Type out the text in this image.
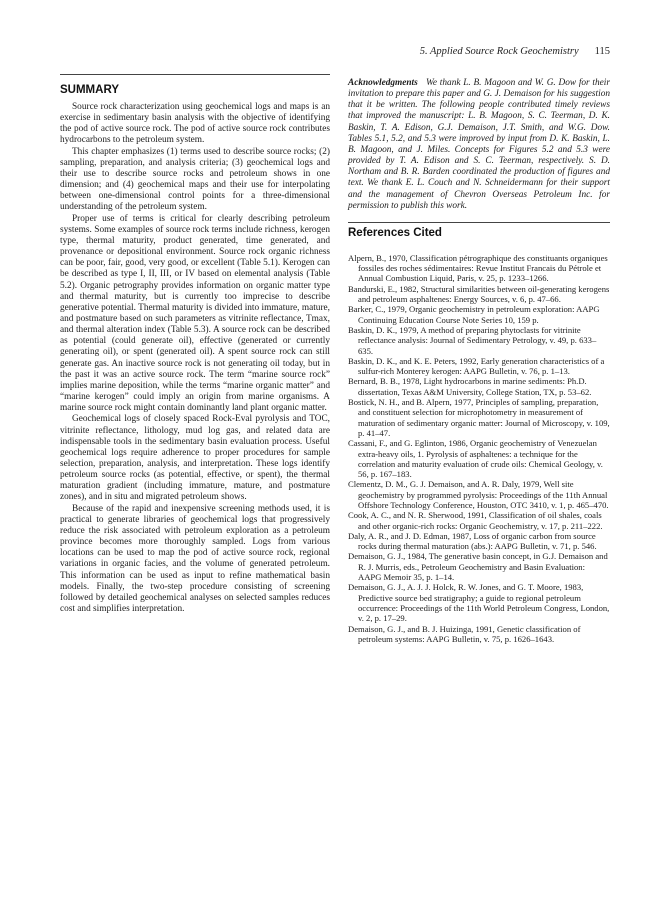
5. Applied Source Rock Geochemistry 115
SUMMARY

Source rock characterization using geochemical logs and maps is an exercise in sedimentary basin analysis with the objective of identifying the pod of active source rock. The pod of active source rock contributes hydrocarbons to the petroleum system.

This chapter emphasizes (1) terms used to describe source rocks; (2) sampling, preparation, and analysis criteria; (3) geochemical logs and their use to describe source rocks and petroleum shows in one dimension; and (4) geochemical maps and their use for interpolating between one-dimensional control points for a three-dimensional understanding of the petroleum system.

Proper use of terms is critical for clearly describing petroleum systems. Some examples of source rock terms include richness, kerogen type, thermal maturity, product generated, time generated, and provenance or depositional environment. Source rock organic richness can be poor, fair, good, very good, or excellent (Table 5.1). Kerogen can be described as type I, II, III, or IV based on elemental analysis (Table 5.2). Organic petrography provides information on organic matter type and thermal maturity, but is currently too imprecise to describe generative potential. Thermal maturity is divided into immature, mature, and postmature based on such parameters as vitrinite reflectance, Tmax, and thermal alteration index (Table 5.3). A source rock can be described as potential (could generate oil), effective (generated or currently generating oil), or spent (generated oil). A spent source rock can still generate gas. An inactive source rock is not generating oil today, but in the past it was an active source rock. The term “marine source rock” implies marine deposition, while the terms “marine organic matter” and “marine kerogen” could imply an origin from marine organisms. A marine source rock might contain dominantly land plant organic matter.

Geochemical logs of closely spaced Rock-Eval pyrolysis and TOC, vitrinite reflectance, lithology, mud log gas, and related data are indispensable tools in the sedimentary basin evaluation process. Useful geochemical logs require adherence to proper procedures for sample selection, preparation, analysis, and interpretation. These logs identify petroleum source rocks (as potential, effective, or spent), the thermal maturation gradient (including immature, mature, and postmature zones), and in situ and migrated petroleum shows.

Because of the rapid and inexpensive screening methods used, it is practical to generate libraries of geochemical logs that progressively reduce the risk associated with petroleum exploration as a petroleum province becomes more thoroughly sampled. Logs from various locations can be used to map the pod of active source rock, regional variations in organic facies, and the volume of generated petroleum. This information can be used as input to refine mathematical basin models. Finally, the two-step procedure consisting of screening followed by detailed geochemical analyses on selected samples reduces cost and simplifies interpretation.

Acknowledgments We thank L. B. Magoon and W. G. Dow for their invitation to prepare this paper and G. J. Demaison for his suggestion that it be written. The following people contributed timely reviews that improved the manuscript: L. B. Magoon, S. C. Teerman, D. K. Baskin, T. A. Edison, G.J. Demaison, J.T. Smith, and W.G. Dow. Tables 5.1, 5.2, and 5.3 were improved by input from D. K. Baskin, L. B. Magoon, and J. Miles. Concepts for Figures 5.2 and 5.3 were provided by T. A. Edison and S. C. Teerman, respectively. S. D. Northam and B. R. Barden coordinated the production of figures and text. We thank E. L. Couch and N. Schneidermann for their support and the management of Chevron Overseas Petroleum Inc. for permission to publish this work.

References Cited

Alpern, B., 1970, Classification pétrographique des constituants organiques fossiles des roches sédimentaires: Revue Institut Francais du Pétrole et Annual Combustion Liquid, Paris, v. 25, p. 1233–1266.

Bandurski, E., 1982, Structural similarities between oil-generating kerogens and petroleum asphaltenes: Energy Sources, v. 6, p. 47–66.

Barker, C., 1979, Organic geochemistry in petroleum exploration: AAPG Continuing Education Course Note Series 10, 159 p.

Baskin, D. K., 1979, A method of preparing phytoclasts for vitrinite reflectance analysis: Journal of Sedimentary Petrology, v. 49, p. 633–635.

Baskin, D. K., and K. E. Peters, 1992, Early generation characteristics of a sulfur-rich Monterey kerogen: AAPG Bulletin, v. 76, p. 1–13.

Bernard, B. B., 1978, Light hydrocarbons in marine sediments: Ph.D. dissertation, Texas A&M University, College Station, TX, p. 53–62.

Bostick, N. H., and B. Alpern, 1977, Principles of sampling, preparation, and constituent selection for microphotometry in measurement of maturation of sedimentary organic matter: Journal of Microscopy, v. 109, p. 41–47.

Cassani, F., and G. Eglinton, 1986, Organic geochemistry of Venezuelan extra-heavy oils, 1. Pyrolysis of asphaltenes: a technique for the correlation and maturity evaluation of crude oils: Chemical Geology, v. 56, p. 167–183.

Clementz, D. M., G. J. Demaison, and A. R. Daly, 1979, Well site geochemistry by programmed pyrolysis: Proceedings of the 11th Annual Offshore Technology Conference, Houston, OTC 3410, v. 1, p. 465–470.

Cook, A. C., and N. R. Sherwood, 1991, Classification of oil shales, coals and other organic-rich rocks: Organic Geochemistry, v. 17, p. 211–222.

Daly, A. R., and J. D. Edman, 1987, Loss of organic carbon from source rocks during thermal maturation (abs.): AAPG Bulletin, v. 71, p. 546.

Demaison, G. J., 1984, The generative basin concept, in G.J. Demaison and R. J. Murris, eds., Petroleum Geochemistry and Basin Evaluation: AAPG Memoir 35, p. 1–14.

Demaison, G. J., A. J. J. Holck, R. W. Jones, and G. T. Moore, 1983, Predictive source bed stratigraphy; a guide to regional petroleum occurrence: Proceedings of the 11th World Petroleum Congress, London, v. 2, p. 17–29.

Demaison, G. J., and B. J. Huizinga, 1991, Genetic classification of petroleum systems: AAPG Bulletin, v. 75, p. 1626–1643.
